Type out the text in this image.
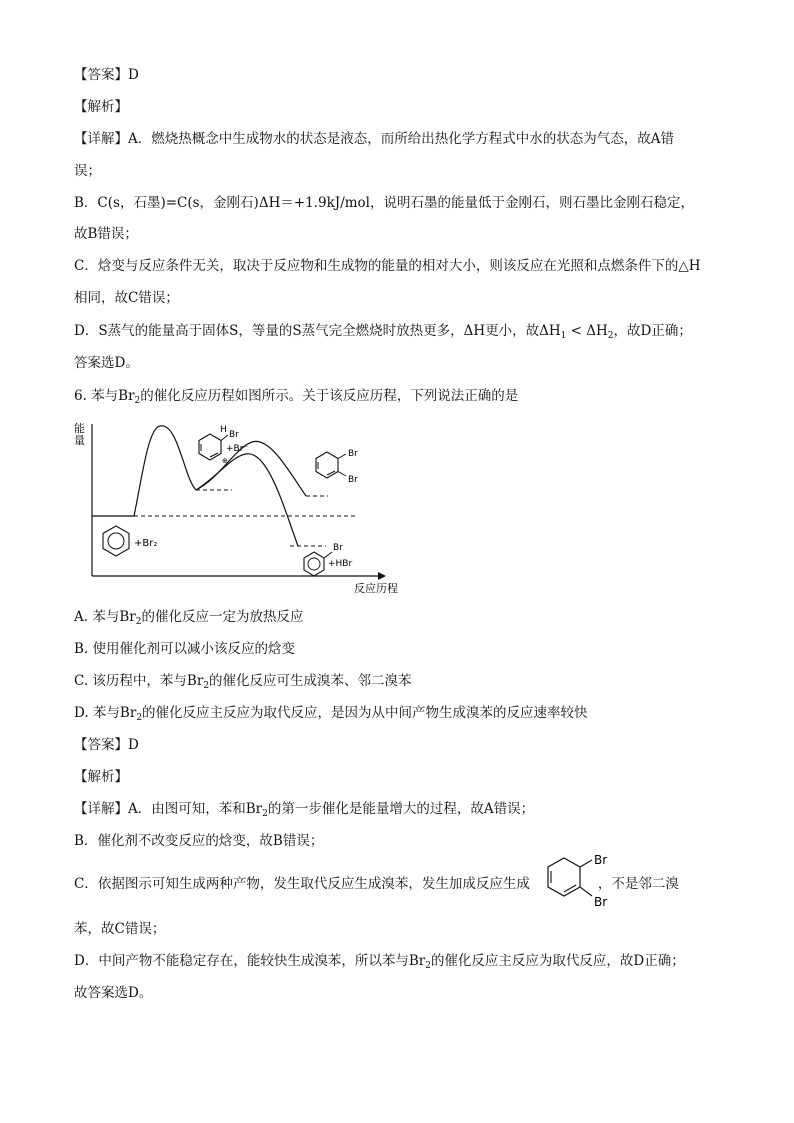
【答案】D
【解析】
【详解】A．燃烧热概念中生成物水的状态是液态，而所给出热化学方程式中水的状态为气态，故A错
误；
B．C(s，石墨)=C(s，金刚石)ΔH＝+1.9kJ/mol，说明石墨的能量低于金刚石，则石墨比金刚石稳定，
故B错误；
C．焓变与反应条件无关，取决于反应物和生成物的能量的相对大小，则该反应在光照和点燃条件下的△H
相同，故C错误；
D．S蒸气的能量高于固体S，等量的S蒸气完全燃烧时放热更多，ΔH更小，故$\Delta H_1 < \Delta H_2$，故D正确；
答案选D。
6. 苯与$Br_2$的催化反应历程如图所示。关于该反应历程，下列说法正确的是
能
量
反应历程
+Br₂
H Br
+Br⁻
⊕
Br
Br
Br
+HBr
A. 苯与$Br_2$的催化反应一定为放热反应
B. 使用催化剂可以减小该反应的焓变
C. 该历程中，苯与$Br_2$的催化反应可生成溴苯、邻二溴苯
D. 苯与$Br_2$的催化反应主反应为取代反应，是因为从中间产物生成溴苯的反应速率较快
【答案】D
【解析】
【详解】A．由图可知，苯和$Br_2$的第一步催化是能量增大的过程，故A错误；
B．催化剂不改变反应的焓变，故B错误；
C．依据图示可知生成两种产物，发生取代反应生成溴苯，发生加成反应生成	，不是邻二溴
Br
Br
苯，故C错误；
D．中间产物不能稳定存在，能较快生成溴苯，所以苯与$Br_2$的催化反应主反应为取代反应，故D正确；
故答案选D。
